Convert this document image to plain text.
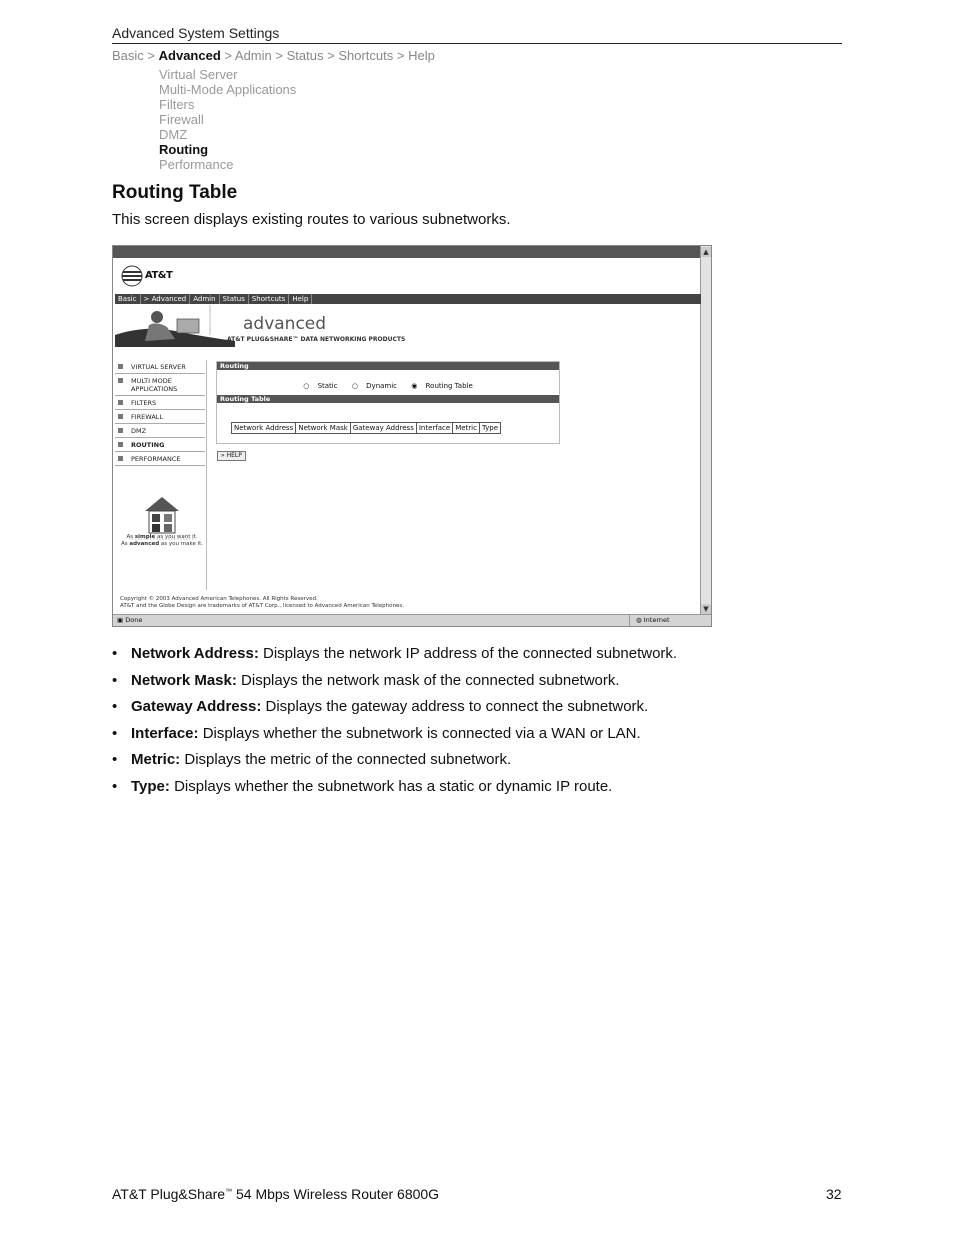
Advanced System Settings
Basic > Advanced > Admin > Status > Shortcuts > Help
Virtual Server
Multi-Mode Applications
Filters
Firewall
DMZ
Routing
Performance
Routing Table
This screen displays existing routes to various subnetworks.
▲
▼
AT&T
Basic > Advanced Admin Status Shortcuts Help
advanced
AT&T PLUG&SHARE™ DATA NETWORKING PRODUCTS
VIRTUAL SERVER
MULTI MODE APPLICATIONS
FILTERS
FIREWALL
DMZ
ROUTING
PERFORMANCE
As simple as you want it.
As advanced as you make it.
Routing
○ Static ○ Dynamic ◉ Routing Table
Routing Table
Network Address	Network Mask	Gateway Address	Interface	Metric	Type
» HELP
Copyright © 2003 Advanced American Telephones. All Rights Reserved.
AT&T and the Globe Design are trademarks of AT&T Corp., licensed to Advanced American Telephones.
▣ Done	◍ Internet
• Network Address: Displays the network IP address of the connected subnetwork.
• Network Mask: Displays the network mask of the connected subnetwork.
• Gateway Address: Displays the gateway address to connect the subnetwork.
• Interface: Displays whether the subnetwork is connected via a WAN or LAN.
• Metric: Displays the metric of the connected subnetwork.
• Type: Displays whether the subnetwork has a static or dynamic IP route.
AT&T Plug&Share™ 54 Mbps Wireless Router 6800G	32
